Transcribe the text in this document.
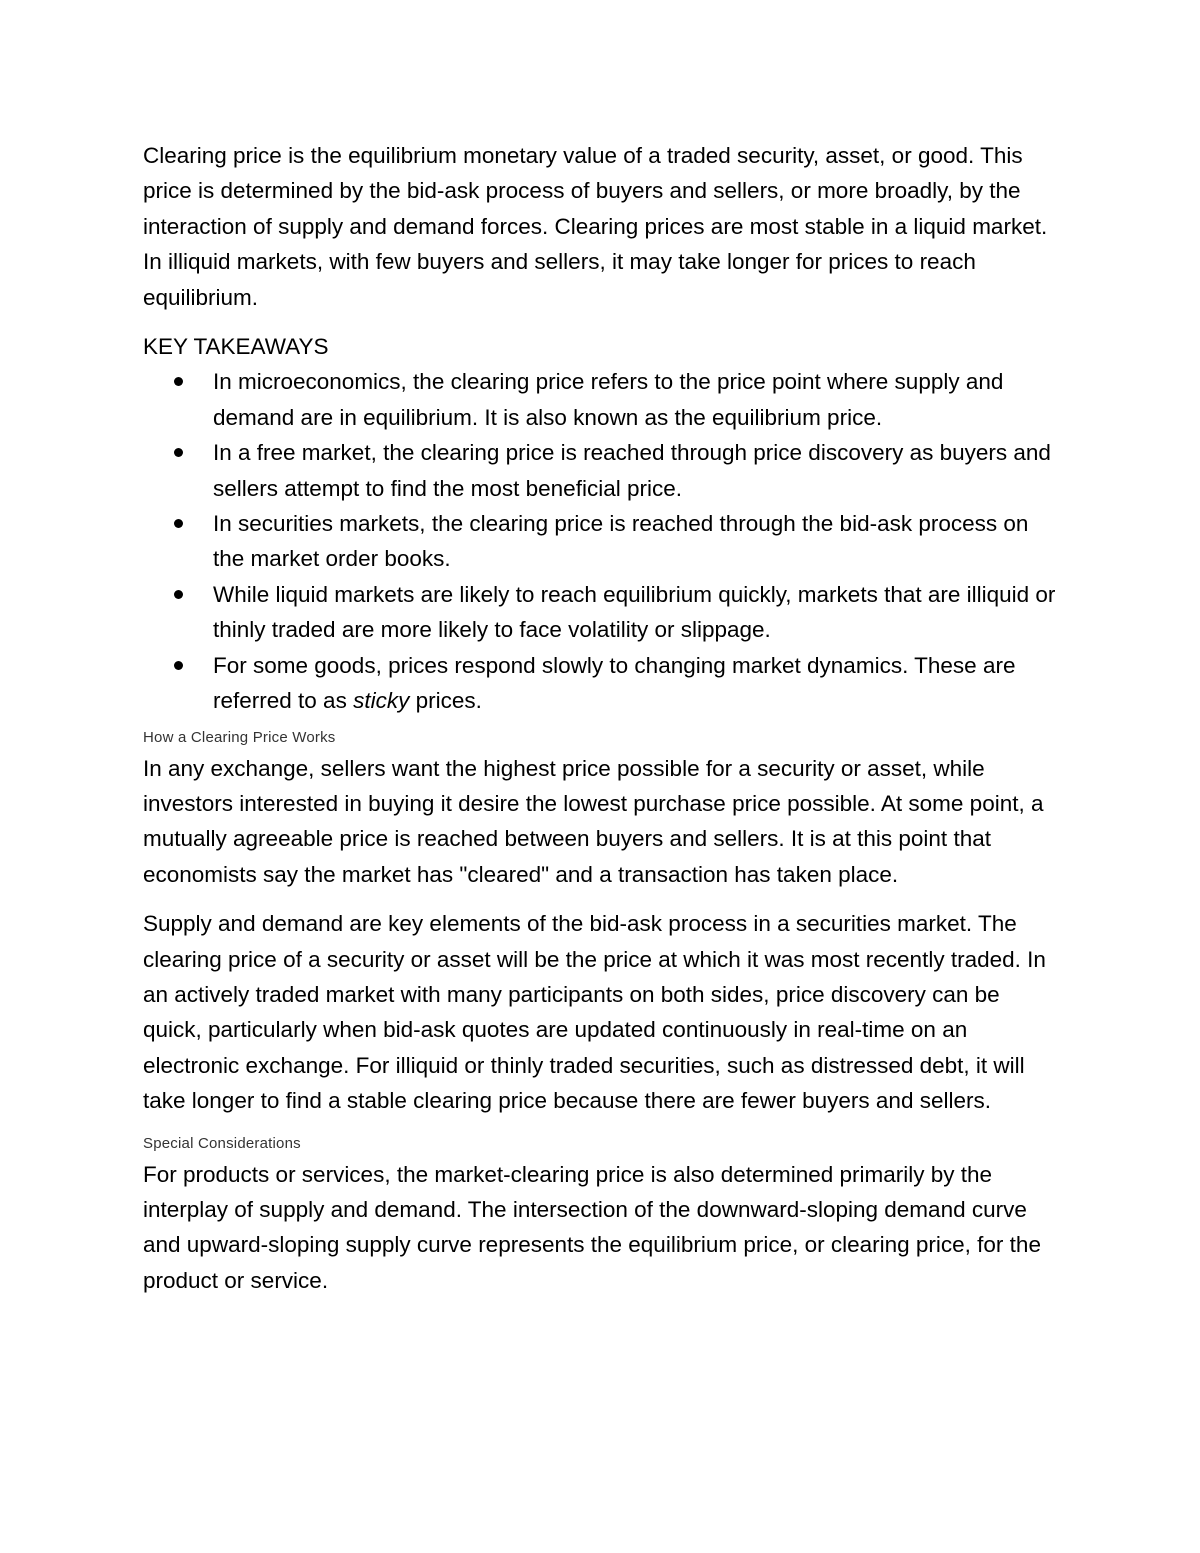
Clearing price is the equilibrium monetary value of a traded security, asset, or good. This price is determined by the bid-ask process of buyers and sellers, or more broadly, by the interaction of supply and demand forces. Clearing prices are most stable in a liquid market. In illiquid markets, with few buyers and sellers, it may take longer for prices to reach equilibrium.

KEY TAKEAWAYS

In microeconomics, the clearing price refers to the price point where supply and demand are in equilibrium. It is also known as the equilibrium price.
In a free market, the clearing price is reached through price discovery as buyers and sellers attempt to find the most beneficial price.
In securities markets, the clearing price is reached through the bid-ask process on the market order books.
While liquid markets are likely to reach equilibrium quickly, markets that are illiquid or thinly traded are more likely to face volatility or slippage.
For some goods, prices respond slowly to changing market dynamics. These are referred to as sticky prices.

How a Clearing Price Works

In any exchange, sellers want the highest price possible for a security or asset, while investors interested in buying it desire the lowest purchase price possible. At some point, a mutually agreeable price is reached between buyers and sellers. It is at this point that economists say the market has "cleared" and a transaction has taken place.

Supply and demand are key elements of the bid-ask process in a securities market. The clearing price of a security or asset will be the price at which it was most recently traded. In an actively traded market with many participants on both sides, price discovery can be quick, particularly when bid-ask quotes are updated continuously in real-time on an electronic exchange. For illiquid or thinly traded securities, such as distressed debt, it will take longer to find a stable clearing price because there are fewer buyers and sellers.

Special Considerations

For products or services, the market-clearing price is also determined primarily by the interplay of supply and demand. The intersection of the downward-sloping demand curve and upward-sloping supply curve represents the equilibrium price, or clearing price, for the product or service.
